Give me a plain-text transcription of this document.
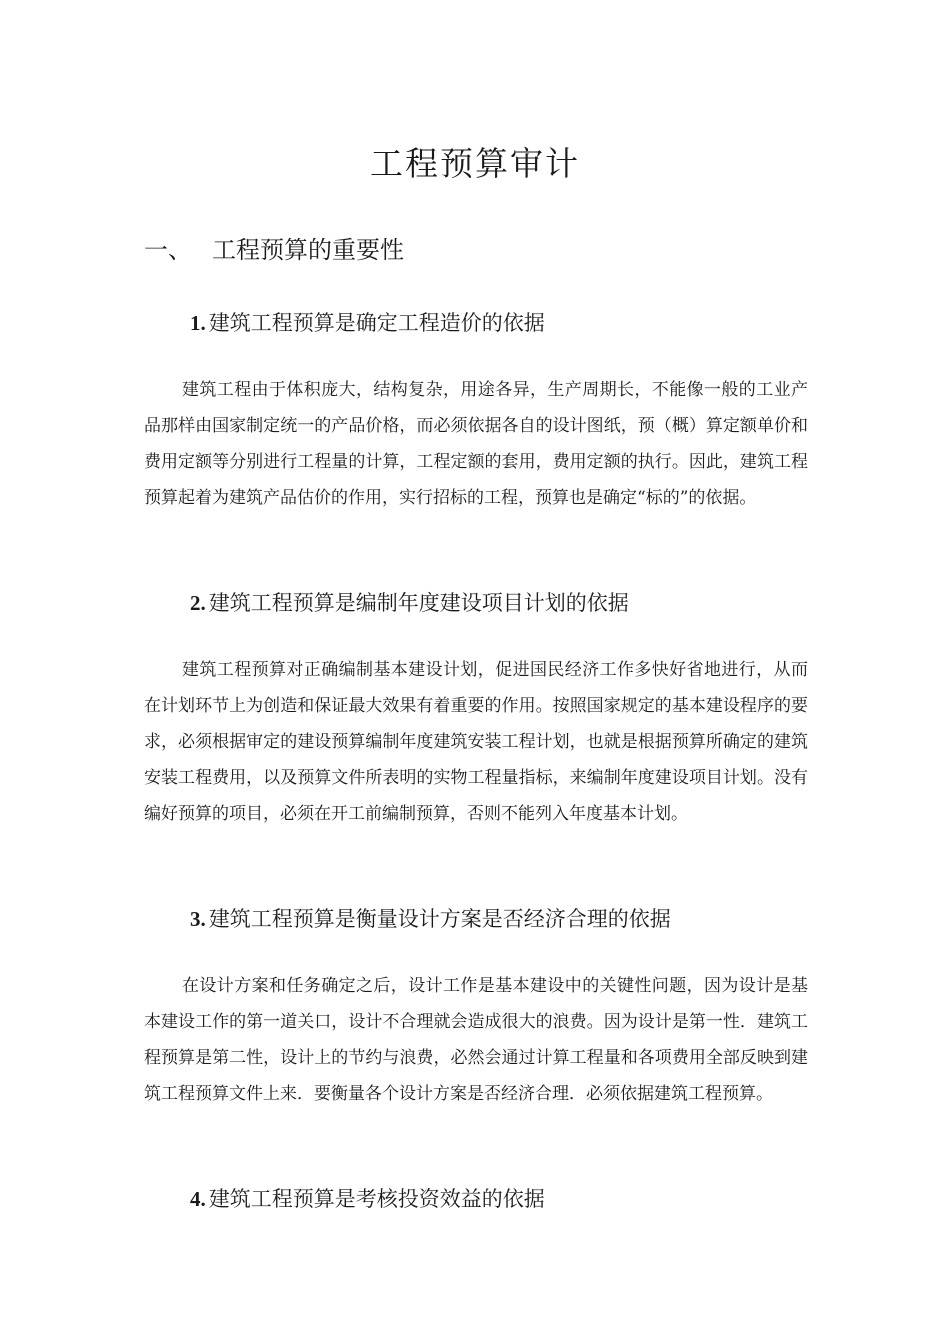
工程预算审计
一、 工程预算的重要性
1. 建筑工程预算是确定工程造价的依据

建筑工程由于体积庞大，结构复杂，用途各异，生产周期长，不能像一般的工业产品那样由国家制定统一的产品价格，而必须依据各自的设计图纸，预（概）算定额单价和费用定额等分别进行工程量的计算，工程定额的套用，费用定额的执行。因此，建筑工程预算起着为建筑产品估价的作用，实行招标的工程，预算也是确定“标的”的依据。

2. 建筑工程预算是编制年度建设项目计划的依据

建筑工程预算对正确编制基本建设计划，促进国民经济工作多快好省地进行，从而在计划环节上为创造和保证最大效果有着重要的作用。按照国家规定的基本建设程序的要求，必须根据审定的建设预算编制年度建筑安装工程计划，也就是根据预算所确定的建筑安装工程费用，以及预算文件所表明的实物工程量指标，来编制年度建设项目计划。没有编好预算的项目，必须在开工前编制预算，否则不能列入年度基本计划。

3. 建筑工程预算是衡量设计方案是否经济合理的依据

在设计方案和任务确定之后，设计工作是基本建设中的关键性问题，因为设计是基本建设工作的第一道关口，设计不合理就会造成很大的浪费。因为设计是第一性．建筑工程预算是第二性，设计上的节约与浪费，必然会通过计算工程量和各项费用全部反映到建筑工程预算文件上来．要衡量各个设计方案是否经济合理．必须依据建筑工程预算。

4. 建筑工程预算是考核投资效益的依据
